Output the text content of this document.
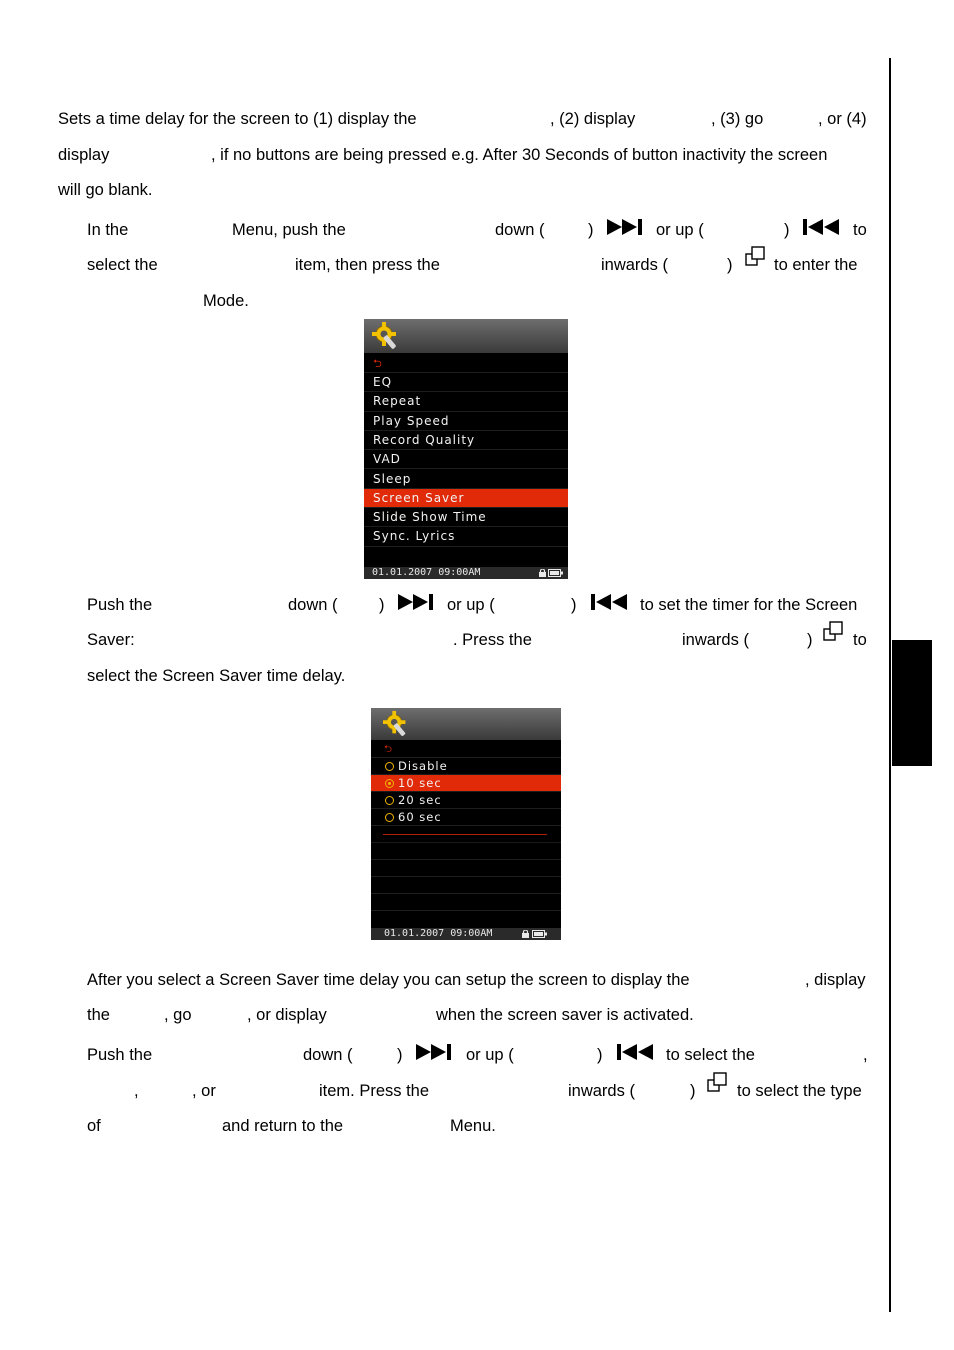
Sets a time delay for the screen to (1) display the	, (2) display	, (3) go	, or (4)
display	, if no buttons are being pressed e.g. After 30 Seconds of button inactivity the screen
will go blank.
In the	Menu, push the	down (	)	or up (	)	to
select the	item, then press the	inwards (	)	to enter the
Mode.
⮌
EQ
Repeat
Play Speed
Record Quality
VAD
Sleep
Screen Saver
Slide Show Time
Sync. Lyrics
01.01.2007 09:00AM
Push the	down (	)	or up (	)	to set the timer for the Screen
Saver:	. Press the	inwards (	) to
select the Screen Saver time delay.
⮌
Disable
10 sec
20 sec
60 sec
01.01.2007 09:00AM
After you select a Screen Saver time delay you can setup the screen to display the	, display
the	, go	, or display	when the screen saver is activated.
Push the	down (	)	or up (	)	to select the	,
,	, or	item. Press the	inwards (	)	to select the type
of	and return to the	Menu.
